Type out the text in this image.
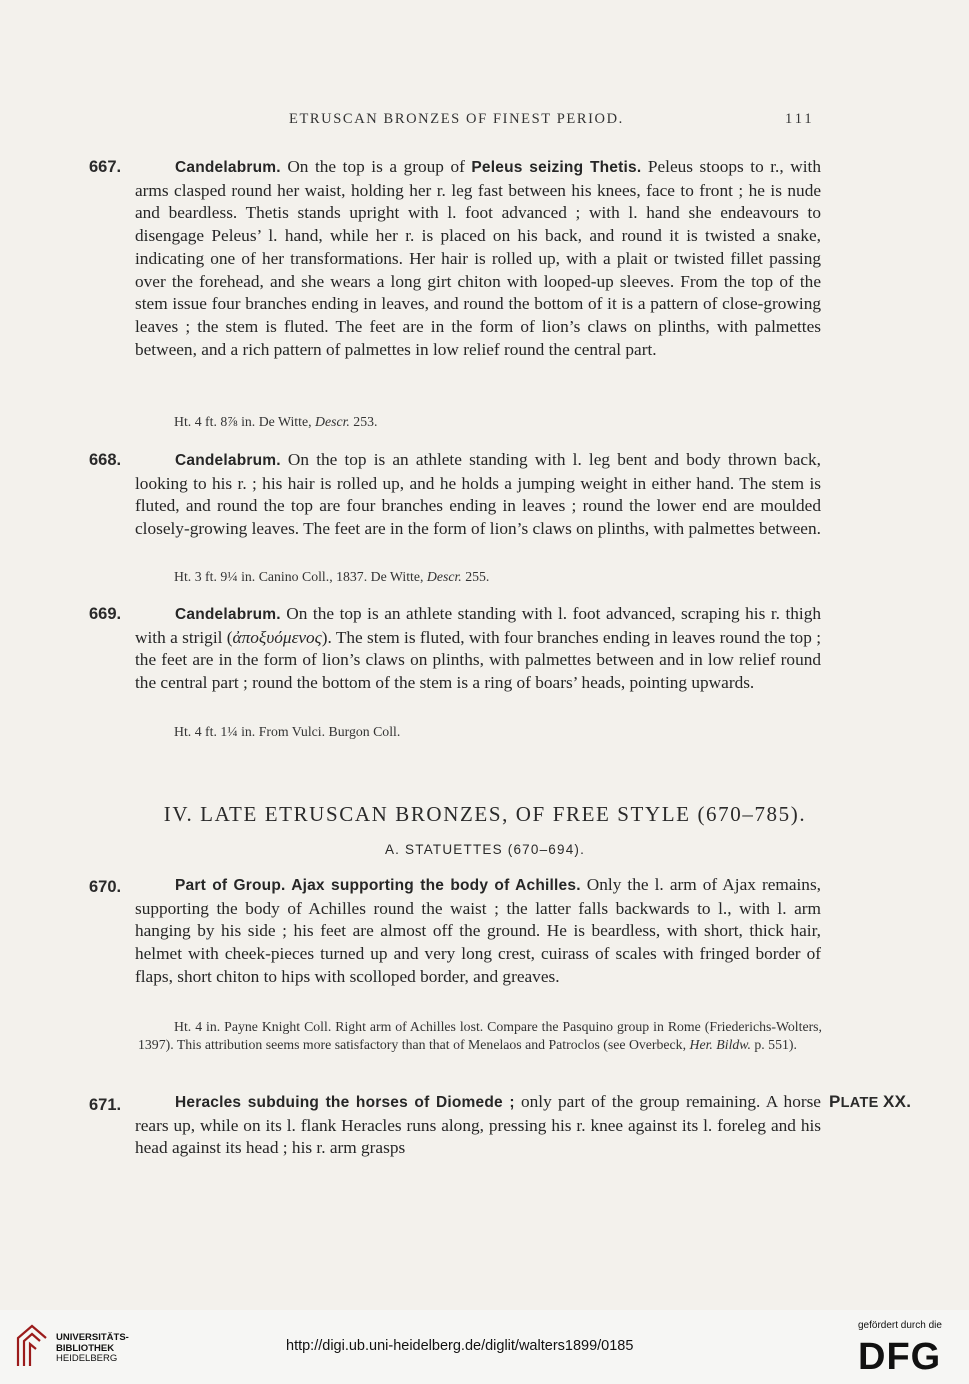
ETRUSCAN BRONZES OF FINEST PERIOD.	111
667.	Candelabrum. On the top is a group of Peleus seizing Thetis. Peleus stoops to r., with arms clasped round her waist, holding her r. leg fast between his knees, face to front ; he is nude and beardless. Thetis stands upright with l. foot advanced ; with l. hand she endeavours to disengage Peleus’ l. hand, while her r. is placed on his back, and round it is twisted a snake, indicating one of her transformations. Her hair is rolled up, with a plait or twisted fillet passing over the forehead, and she wears a long girt chiton with looped-up sleeves. From the top of the stem issue four branches ending in leaves, and round the bottom of it is a pattern of close-growing leaves ; the stem is fluted. The feet are in the form of lion’s claws on plinths, with palmettes between, and a rich pattern of palmettes in low relief round the central part.
Ht. 4 ft. 8⅞ in. De Witte, Descr. 253.
668.	Candelabrum. On the top is an athlete standing with l. leg bent and body thrown back, looking to his r. ; his hair is rolled up, and he holds a jumping weight in either hand. The stem is fluted, and round the top are four branches ending in leaves ; round the lower end are moulded closely-growing leaves. The feet are in the form of lion’s claws on plinths, with palmettes between.
Ht. 3 ft. 9¼ in. Canino Coll., 1837. De Witte, Descr. 255.
669.	Candelabrum. On the top is an athlete standing with l. foot advanced, scraping his r. thigh with a strigil (ἀποξυόμενος). The stem is fluted, with four branches ending in leaves round the top ; the feet are in the form of lion’s claws on plinths, with palmettes between and in low relief round the central part ; round the bottom of the stem is a ring of boars’ heads, pointing upwards.
Ht. 4 ft. 1¼ in. From Vulci. Burgon Coll.
IV. LATE ETRUSCAN BRONZES, OF FREE STYLE (670–785).
A. STATUETTES (670–694).
670.	Part of Group. Ajax supporting the body of Achilles. Only the l. arm of Ajax remains, supporting the body of Achilles round the waist ; the latter falls backwards to l., with l. arm hanging by his side ; his feet are almost off the ground. He is beardless, with short, thick hair, helmet with cheek-pieces turned up and very long crest, cuirass of scales with fringed border of flaps, short chiton to hips with scolloped border, and greaves.
Ht. 4 in. Payne Knight Coll. Right arm of Achilles lost. Compare the Pasquino group in Rome (Friederichs-Wolters, 1397). This attribution seems more satisfactory than that of Menelaos and Patroclos (see Overbeck, Her. Bildw. p. 551).
671.	Heracles subduing the horses of Diomede ; only part of the group remaining. A horse rears up, while on its l. flank Heracles runs along, pressing his r. knee against its l. foreleg and his head against its head ; his r. arm grasps
PLATE XX.
UNIVERSITÄTS-
BIBLIOTHEK
HEIDELBERG
http://digi.ub.uni-heidelberg.de/diglit/walters1899/0185
gefördert durch die
DFG
